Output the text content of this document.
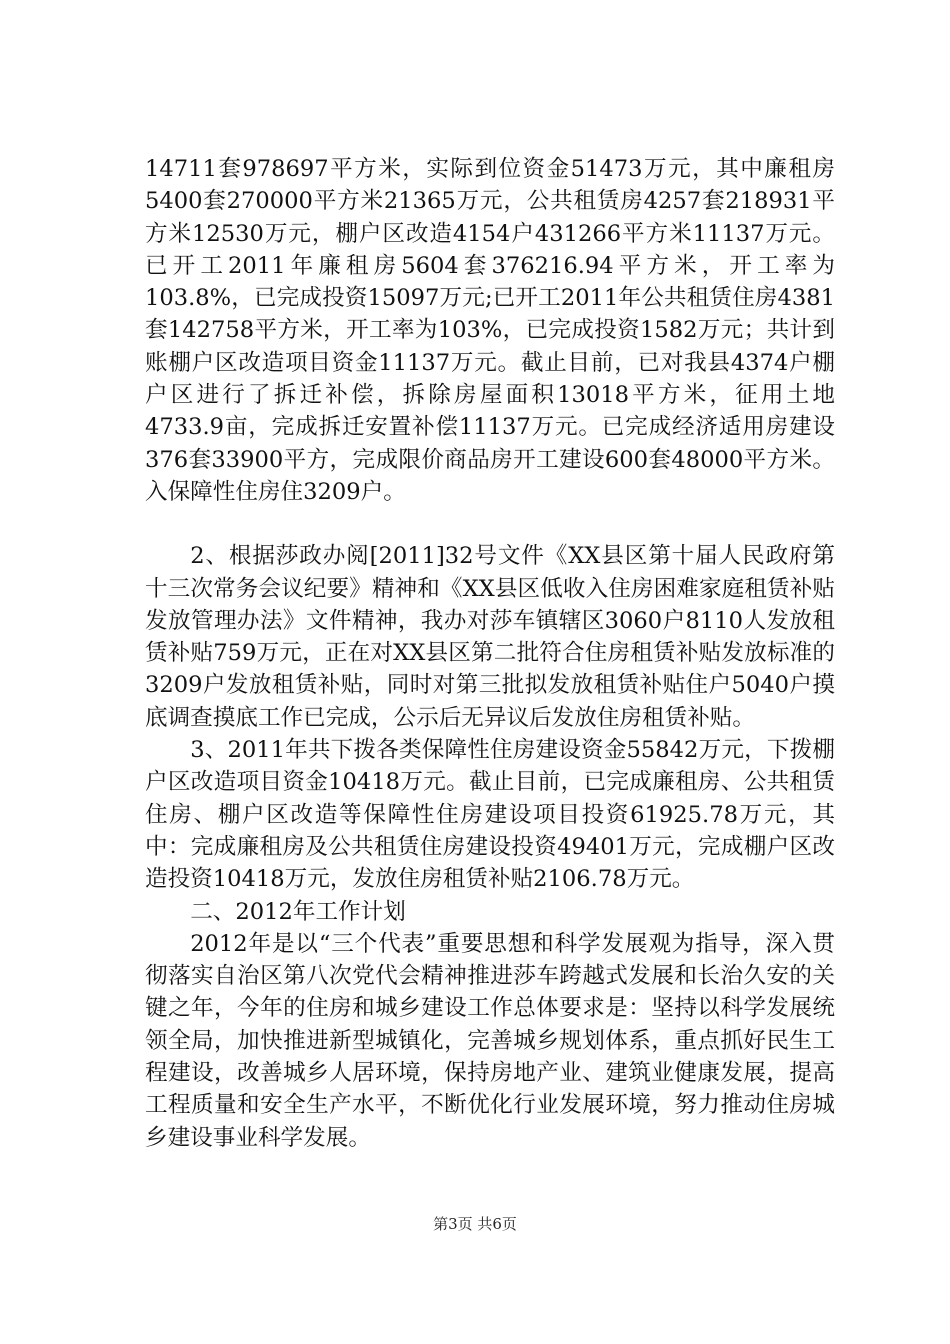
14711套978697平方米，实际到位资金51473万元，其中廉租房5400套270000平方米21365万元，公共租赁房4257套218931平方米12530万元，棚户区改造4154户431266平方米11137万元。已开工2011年廉租房5604套376216.94平方米，开工率为103.8%，已完成投资15097万元;已开工2011年公共租赁住房4381套142758平方米，开工率为103%，已完成投资1582万元；共计到账棚户区改造项目资金11137万元。截止目前，已对我县4374户棚户区进行了拆迁补偿，拆除房屋面积13018平方米，征用土地4733.9亩，完成拆迁安置补偿11137万元。已完成经济适用房建设376套33900平方，完成限价商品房开工建设600套48000平方米。入保障性住房住3209户。

2、根据莎政办阅[2011]32号文件《XX县区第十届人民政府第十三次常务会议纪要》精神和《XX县区低收入住房困难家庭租赁补贴发放管理办法》文件精神，我办对莎车镇辖区3060户8110人发放租赁补贴759万元，正在对XX县区第二批符合住房租赁补贴发放标准的3209户发放租赁补贴，同时对第三批拟发放租赁补贴住户5040户摸底调查摸底工作已完成，公示后无异议后发放住房租赁补贴。

3、2011年共下拨各类保障性住房建设资金55842万元，下拨棚户区改造项目资金10418万元。截止目前，已完成廉租房、公共租赁住房、棚户区改造等保障性住房建设项目投资61925.78万元，其中：完成廉租房及公共租赁住房建设投资49401万元，完成棚户区改造投资10418万元，发放住房租赁补贴2106.78万元。

二、2012年工作计划

2012年是以“三个代表”重要思想和科学发展观为指导，深入贯彻落实自治区第八次党代会精神推进莎车跨越式发展和长治久安的关键之年，今年的住房和城乡建设工作总体要求是：坚持以科学发展统领全局，加快推进新型城镇化，完善城乡规划体系，重点抓好民生工程建设，改善城乡人居环境，保持房地产业、建筑业健康发展，提高工程质量和安全生产水平，不断优化行业发展环境，努力推动住房城乡建设事业科学发展。

第3页 共6页
